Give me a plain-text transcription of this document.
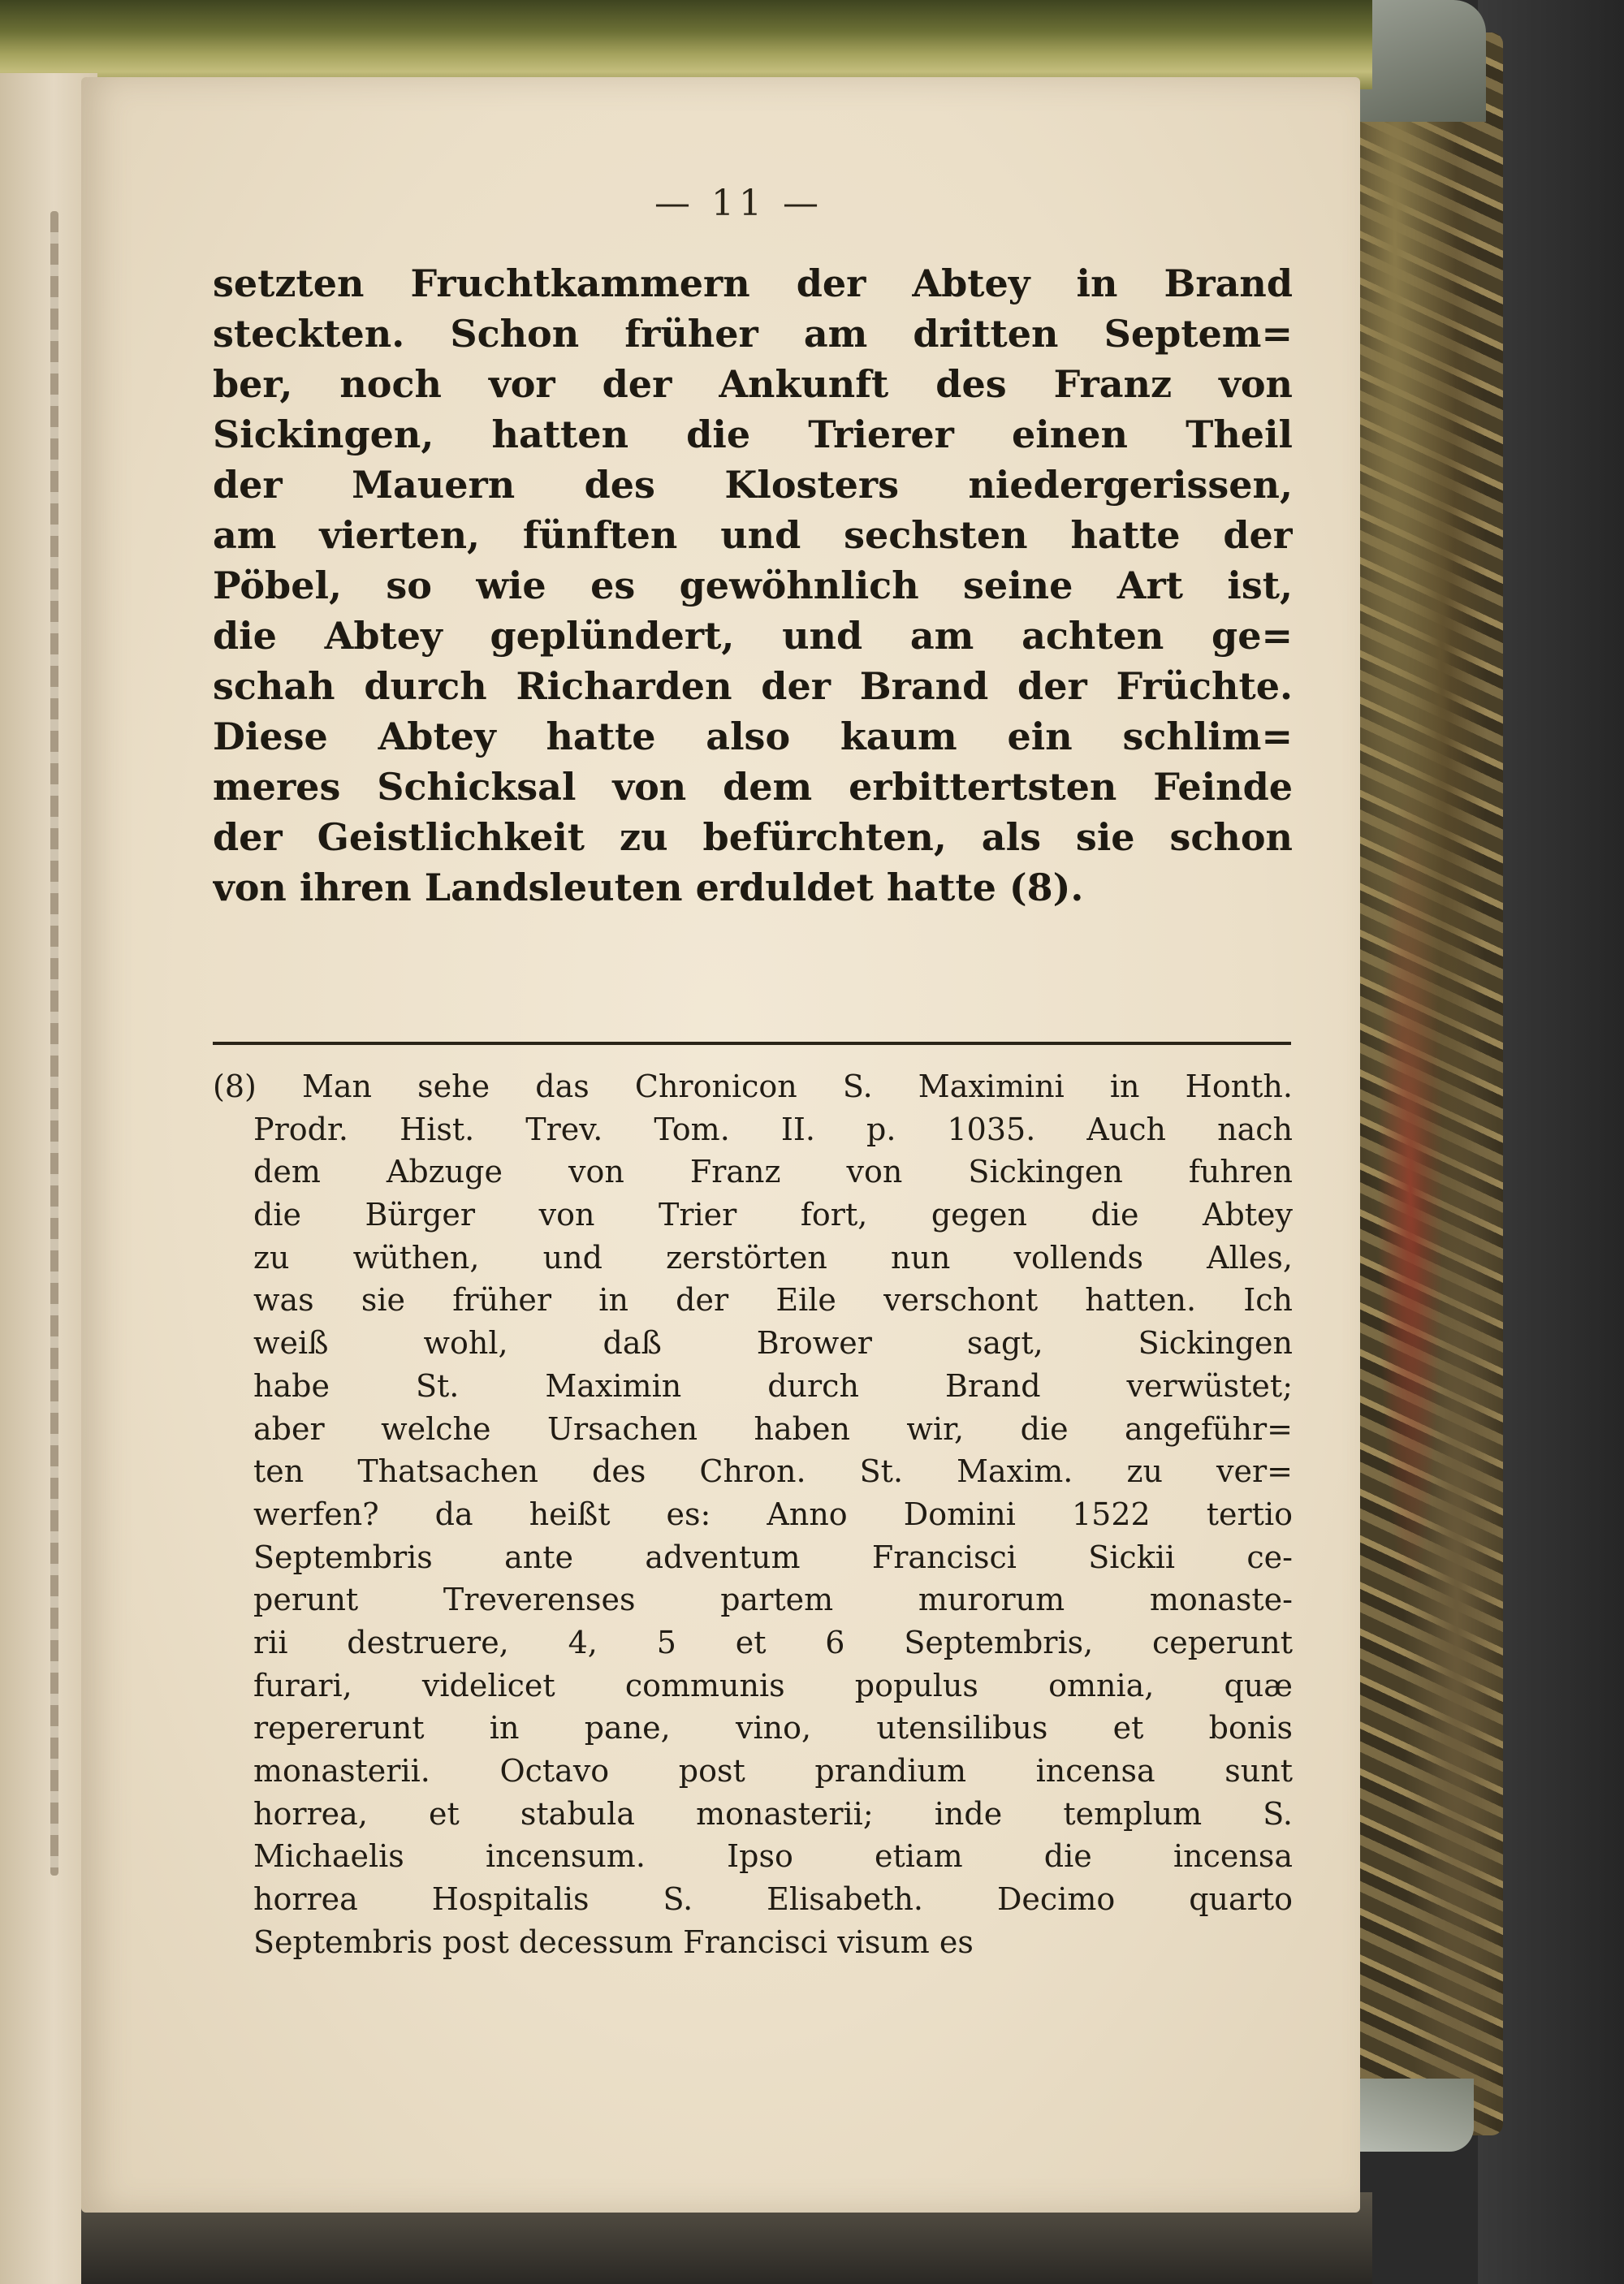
— 11 —
setzten Fruchtkammern der Abtey in Brand
steckten. Schon früher am dritten Septem=
ber, noch vor der Ankunft des Franz von
Sickingen, hatten die Trierer einen Theil
der Mauern des Klosters niedergerissen,
am vierten, fünften und sechsten hatte der
Pöbel, so wie es gewöhnlich seine Art ist,
die Abtey geplündert, und am achten ge=
schah durch Richarden der Brand der Früchte.
Diese Abtey hatte also kaum ein schlim=
meres Schicksal von dem erbittertsten Feinde
der Geistlichkeit zu befürchten, als sie schon
von ihren Landsleuten erduldet hatte (8).
(8) Man sehe das Chronicon S. Maximini in Honth.
Prodr. Hist. Trev. Tom. II. p. 1035. Auch nach
dem Abzuge von Franz von Sickingen fuhren
die Bürger von Trier fort, gegen die Abtey
zu wüthen, und zerstörten nun vollends Alles,
was sie früher in der Eile verschont hatten. Ich
weiß wohl, daß Brower sagt, Sickingen
habe St. Maximin durch Brand verwüstet;
aber welche Ursachen haben wir, die angeführ=
ten Thatsachen des Chron. St. Maxim. zu ver=
werfen? da heißt es: Anno Domini 1522 tertio
Septembris ante adventum Francisci Sickii ce-
perunt Treverenses partem murorum monaste-
rii destruere, 4, 5 et 6 Septembris, ceperunt
furari, videlicet communis populus omnia, quæ
repererunt in pane, vino, utensilibus et bonis
monasterii. Octavo post prandium incensa sunt
horrea, et stabula monasterii; inde templum S.
Michaelis incensum. Ipso etiam die incensa
horrea Hospitalis S. Elisabeth. Decimo quarto
Septembris post decessum Francisci visum es
